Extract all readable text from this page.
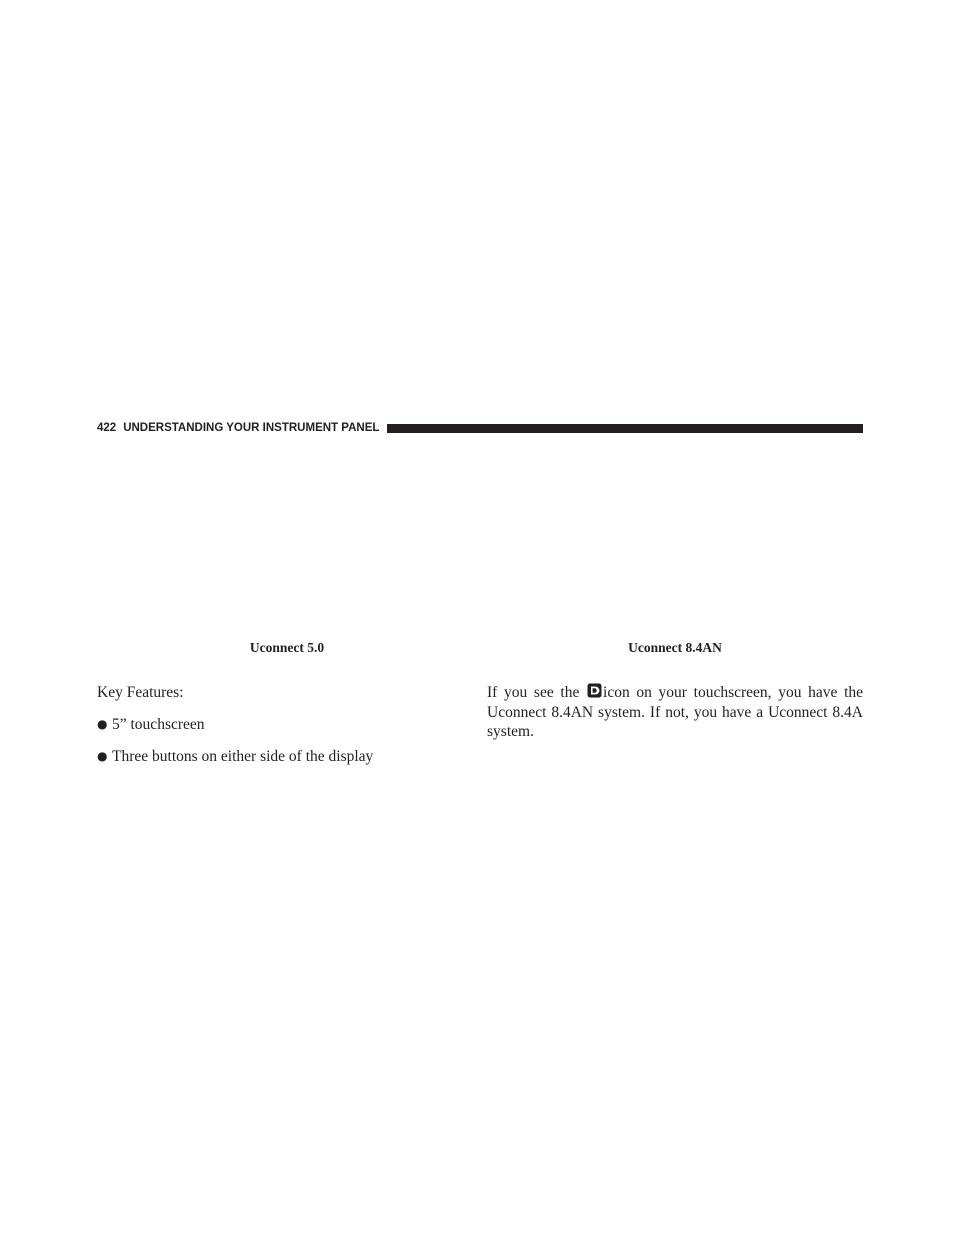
422 UNDERSTANDING YOUR INSTRUMENT PANEL
Uconnect 5.0	Uconnect 8.4AN

Key Features:

● 5” touchscreen
● Three buttons on either side of the display

If you see the icon on your touchscreen, you have the Uconnect 8.4AN system. If not, you have a Uconnect 8.4A system.
